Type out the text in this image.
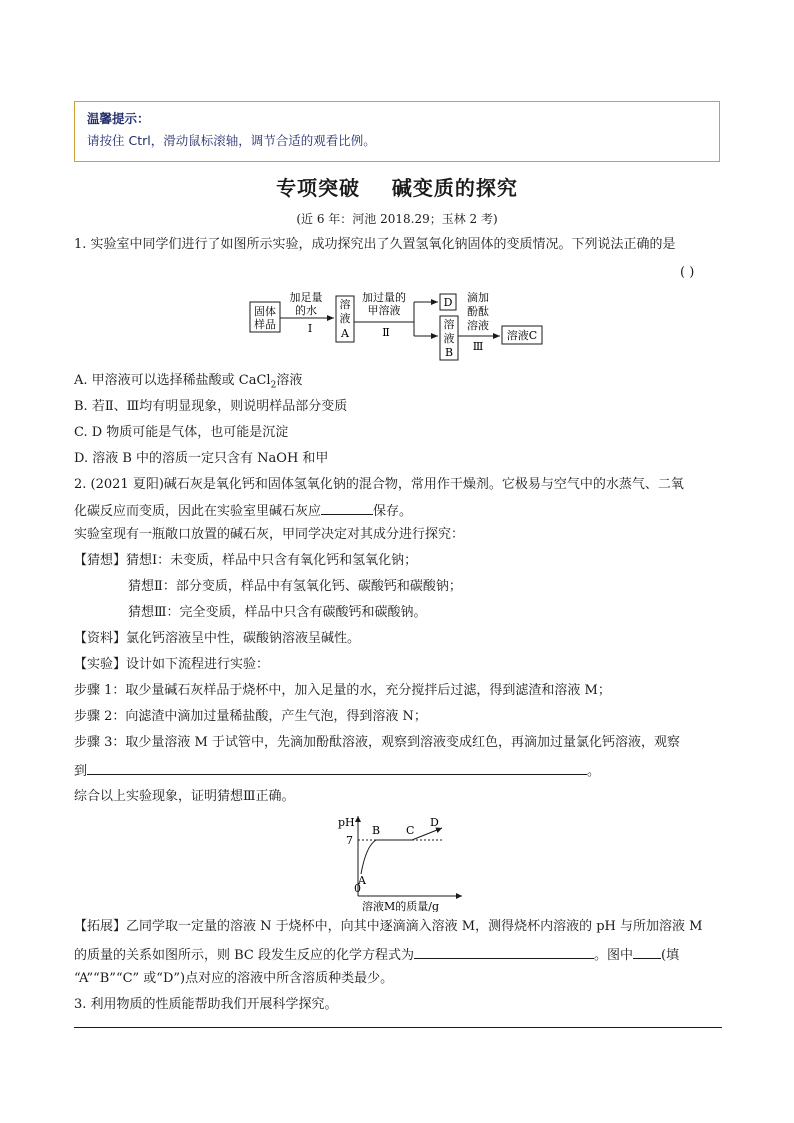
温馨提示：
请按住 Ctrl，滑动鼠标滚轴，调节合适的观看比例。
专项突破    碱变质的探究
(近 6 年：河池 2018.29；玉林 2 考)
1. 实验室中同学们进行了如图所示实验，成功探究出了久置氢氧化钠固体的变质情况。下列说法正确的是
( )
固体
样品
加足量
的水
Ⅰ
溶
液
A
加过量的
甲溶液
Ⅱ
D
溶
液
B
滴加
酚酞
溶液
Ⅲ
溶液C
A. 甲溶液可以选择稀盐酸或 CaCl$_2$溶液
B. 若Ⅱ、Ⅲ均有明显现象，则说明样品部分变质
C. D 物质可能是气体，也可能是沉淀
D. 溶液 B 中的溶质一定只含有 NaOH 和甲
2. (2021 夏阳)碱石灰是氧化钙和固体氢氧化钠的混合物，常用作干燥剂。它极易与空气中的水蒸气、二氧
化碳反应而变质，因此在实验室里碱石灰应	保存。
实验室现有一瓶敞口放置的碱石灰，甲同学决定对其成分进行探究：
【猜想】猜想Ⅰ：未变质，样品中只含有氧化钙和氢氧化钠；
猜想Ⅱ：部分变质，样品中有氢氧化钙、碳酸钙和碳酸钠；
猜想Ⅲ：完全变质，样品中只含有碳酸钙和碳酸钠。
【资料】氯化钙溶液呈中性，碳酸钠溶液呈碱性。
【实验】设计如下流程进行实验：
步骤 1：取少量碱石灰样品于烧杯中，加入足量的水，充分搅拌后过滤，得到滤渣和溶液 M；
步骤 2：向滤渣中滴加过量稀盐酸，产生气泡，得到溶液 N；
步骤 3：取少量溶液 M 于试管中，先滴加酚酞溶液，观察到溶液变成红色，再滴加过量氯化钙溶液，观察
到	。
综合以上实验现象，证明猜想Ⅲ正确。
pH
7
0
A
B C
D
溶液M的质量/g
【拓展】乙同学取一定量的溶液 N 于烧杯中，向其中逐滴滴入溶液 M，测得烧杯内溶液的 pH 与所加溶液 M
的质量的关系如图所示，则 BC 段发生反应的化学方程式为	。图中 (填
“A”“B”“C” 或“D”)点对应的溶液中所含溶质种类最少。
3. 利用物质的性质能帮助我们开展科学探究。
